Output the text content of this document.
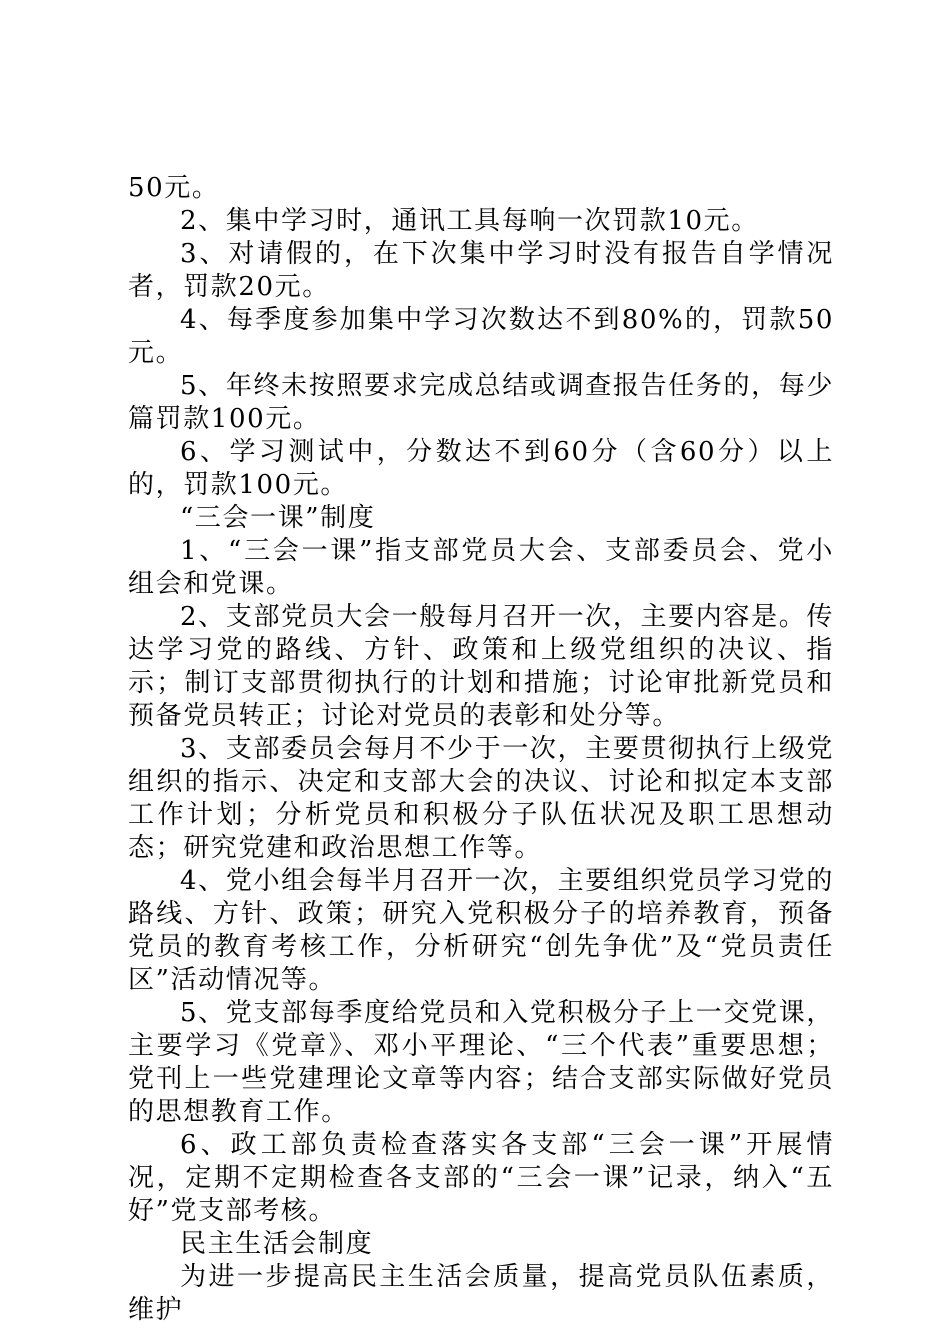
50元。

2、集中学习时，通讯工具每响一次罚款10元。

3、对请假的，在下次集中学习时没有报告自学情况者，罚款20元。

4、每季度参加集中学习次数达不到80%的，罚款50元。

5、年终未按照要求完成总结或调查报告任务的，每少篇罚款100元。

6、学习测试中，分数达不到60分（含60分）以上的，罚款100元。

“三会一课”制度

1、“三会一课”指支部党员大会、支部委员会、党小组会和党课。

2、支部党员大会一般每月召开一次，主要内容是。传达学习党的路线、方针、政策和上级党组织的决议、指示；制订支部贯彻执行的计划和措施；讨论审批新党员和预备党员转正；讨论对党员的表彰和处分等。

3、支部委员会每月不少于一次，主要贯彻执行上级党组织的指示、决定和支部大会的决议、讨论和拟定本支部工作计划；分析党员和积极分子队伍状况及职工思想动态；研究党建和政治思想工作等。

4、党小组会每半月召开一次，主要组织党员学习党的路线、方针、政策；研究入党积极分子的培养教育，预备党员的教育考核工作，分析研究“创先争优”及“党员责任区”活动情况等。

5、党支部每季度给党员和入党积极分子上一交党课，主要学习《党章》、邓小平理论、“三个代表”重要思想；党刊上一些党建理论文章等内容；结合支部实际做好党员的思想教育工作。

6、政工部负责检查落实各支部“三会一课”开展情况，定期不定期检查各支部的“三会一课”记录，纳入“五好”党支部考核。

民主生活会制度

为进一步提高民主生活会质量，提高党员队伍素质，维护
